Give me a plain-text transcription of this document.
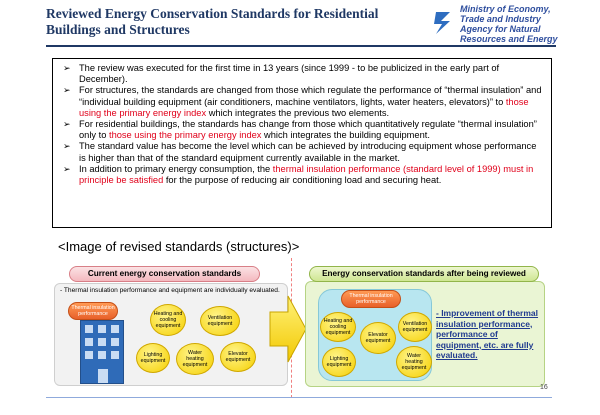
Reviewed Energy Conservation Standards for Residential Buildings and Structures
Ministry of Economy,
Trade and Industry
Agency for Natural
Resources and Energy
➢ The review was executed for the first time in 13 years (since 1999 - to be publicized in the early part of December).
➢ For structures, the standards are changed from those which regulate the performance of “thermal insulation” and “individual building equipment (air conditioners, machine ventilators, lights, water heaters, elevators)” to those using the primary energy index which integrates the previous two elements.
➢ For residential buildings, the standards has change from those which quantitatively regulate “thermal insulation” only to those using the primary energy index which integrates the building equipment.
➢ The standard value has become the level which can be achieved by introducing equipment whose performance is higher than that of the standard equipment currently available in the market.
➢ In addition to primary energy consumption, the thermal insulation performance (standard level of 1999) must in principle be satisfied for the purpose of reducing air conditioning load and securing heat.
<Image of revised standards (structures)>
Current energy conservation standards
- Thermal insulation performance and equipment are individually evaluated.
Thermal insulation performance	Heating and cooling equipment
Ventilation equipment
Lighting equipment
Water heating equipment
Elevator equipment
Energy conservation standards after being reviewed
Thermal insulation performance
Heating and cooling equipment
Ventilation equipment
Elevator equipment
Lighting equipment
Water heating equipment
- Improvement of thermal insulation performance, performance of equipment, etc. are fully evaluated.
16
